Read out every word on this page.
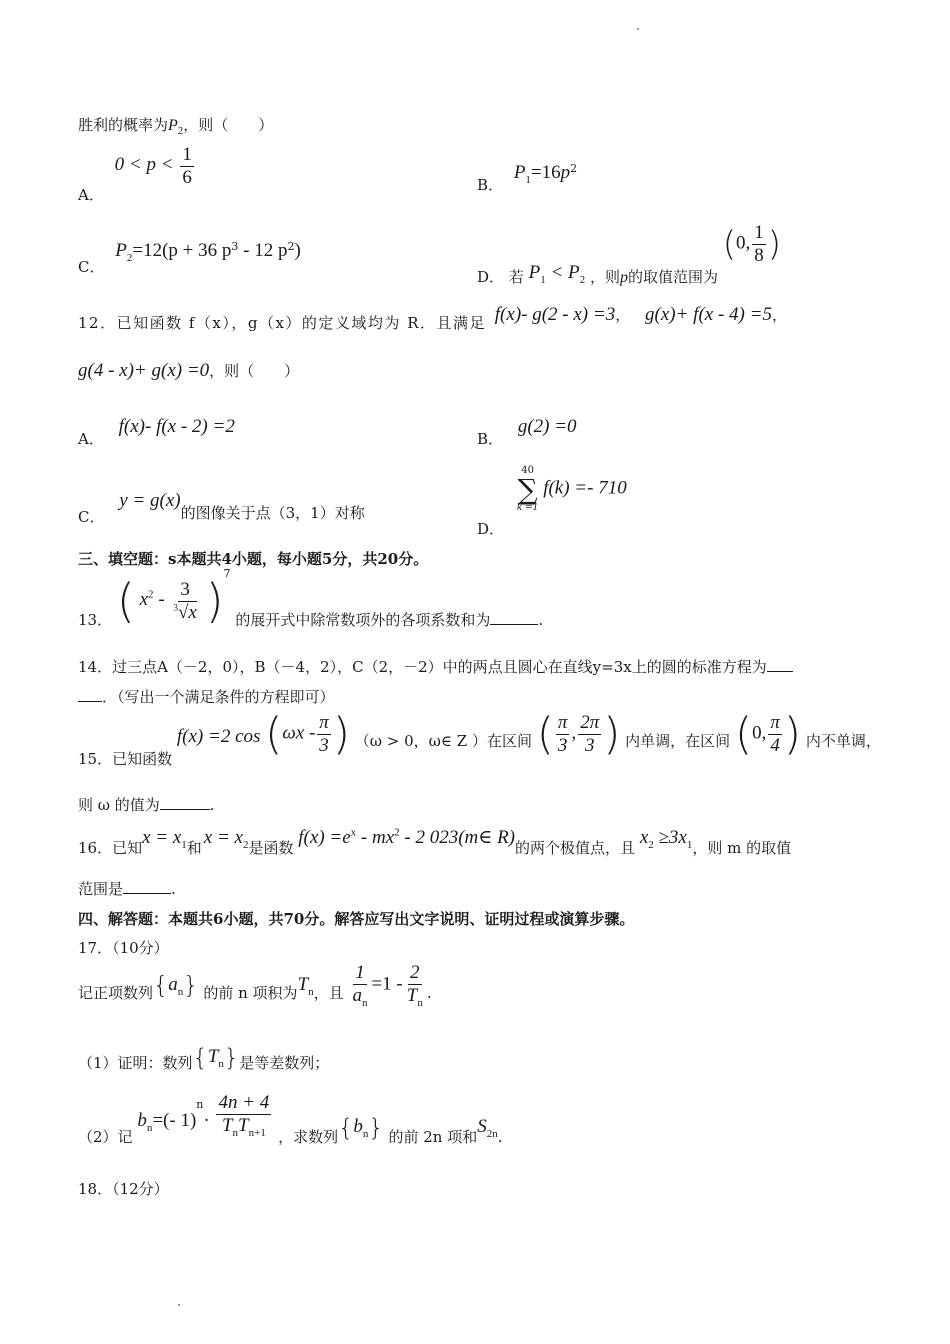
胜利的概率为$P_2$，则（　　）
A． $0 < p < \frac{1}{6}$	B． $P_1=16p^2$
C． $P_2=12(p + 36$ $p^3 - 12$ $p^2$)
D． 若 $P_1 < P_2$ ，则p的取值范围为 (0, $\frac{1}{8}$ )
12．已知函数 f（x），g（x）的定义域均为 R．且满足 f(x)- g(2 - x) =3， g(x)+ f(x - 4) =5，
g(4 - x)+ g(x) =0，则（　　）
A． f(x)- f(x - 2) =2
B． g(2) =0
C． y = g(x)的图像关于点（3，1）对称
D．
40
∑
k =1
f(k) =- 710
三、填空题：s本题共4小题，每小题5分，共20分。
13． ( $x^2 - \frac{3}{^3√x} )^7$ 的展开式中除常数项外的各项系数和为	.
14．过三点A（－2，0），B（－4，2），C（2，－2）中的两点且圆心在直线y=3x上的圆的标准方程为
．（写出一个满足条件的方程即可）
15．已知函数 f(x) =2 $\cos (\omega x - \frac{\pi}{3}$ ) （ω > 0，ω∈ Z ）在区间 ( $\frac{\pi}{3}$ , $\frac{2\pi}{3}$ ) 内单调，在区间 (0, $\frac{\pi}{4}$ ) 内不单调，
则 ω 的值为	.
16．已知$x = x_1$和 $x = x_2$是函数 $f(x) =e^x - mx^2 - 2$ 023(m∈ R)的两个极值点，且 $x_2 \ge 3x_1$，则 m 的取值
范围是	.
四、解答题：本题共6小题，共70分。解答应写出文字说明、证明过程或演算步骤。
17．（10分）
记正项数列$\{a_n\}$ 的前 n 项积为$T_n$，且 $\frac{1}{a_n} =1 - \frac{2}{T_n}$ .
（1）证明：数列$\{T_n\}$是等差数列；
（2）记 $b_n=(-$ $1)^n\cdot \frac{4n + 4}{T_nT_{n+1}}$ ，求数列$\{b_n\}$ 的前 2n 项和$S_{2n}$.
18．（12分）
